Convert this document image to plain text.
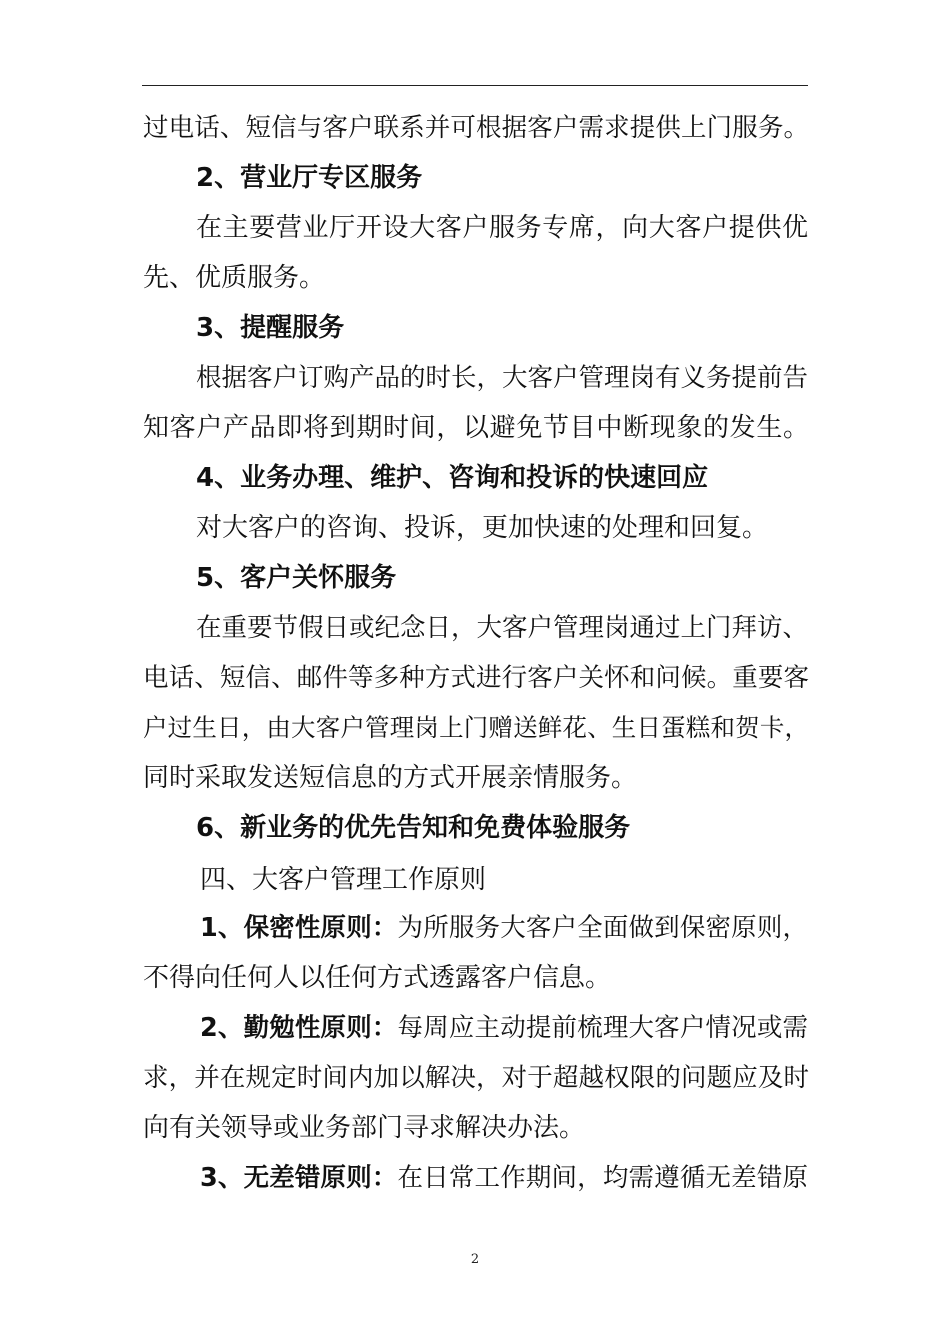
过电话、短信与客户联系并可根据客户需求提供上门服务。
2、营业厅专区服务
在主要营业厅开设大客户服务专席，向大客户提供优
先、优质服务。
3、提醒服务
根据客户订购产品的时长，大客户管理岗有义务提前告
知客户产品即将到期时间，以避免节目中断现象的发生。
4、业务办理、维护、咨询和投诉的快速回应
对大客户的咨询、投诉，更加快速的处理和回复。
5、客户关怀服务
在重要节假日或纪念日，大客户管理岗通过上门拜访、
电话、短信、邮件等多种方式进行客户关怀和问候。重要客
户过生日，由大客户管理岗上门赠送鲜花、生日蛋糕和贺卡，
同时采取发送短信息的方式开展亲情服务。
6、新业务的优先告知和免费体验服务
四、大客户管理工作原则
1、保密性原则：为所服务大客户全面做到保密原则，
不得向任何人以任何方式透露客户信息。
2、勤勉性原则：每周应主动提前梳理大客户情况或需
求，并在规定时间内加以解决，对于超越权限的问题应及时
向有关领导或业务部门寻求解决办法。
3、无差错原则：在日常工作期间，均需遵循无差错原
2
